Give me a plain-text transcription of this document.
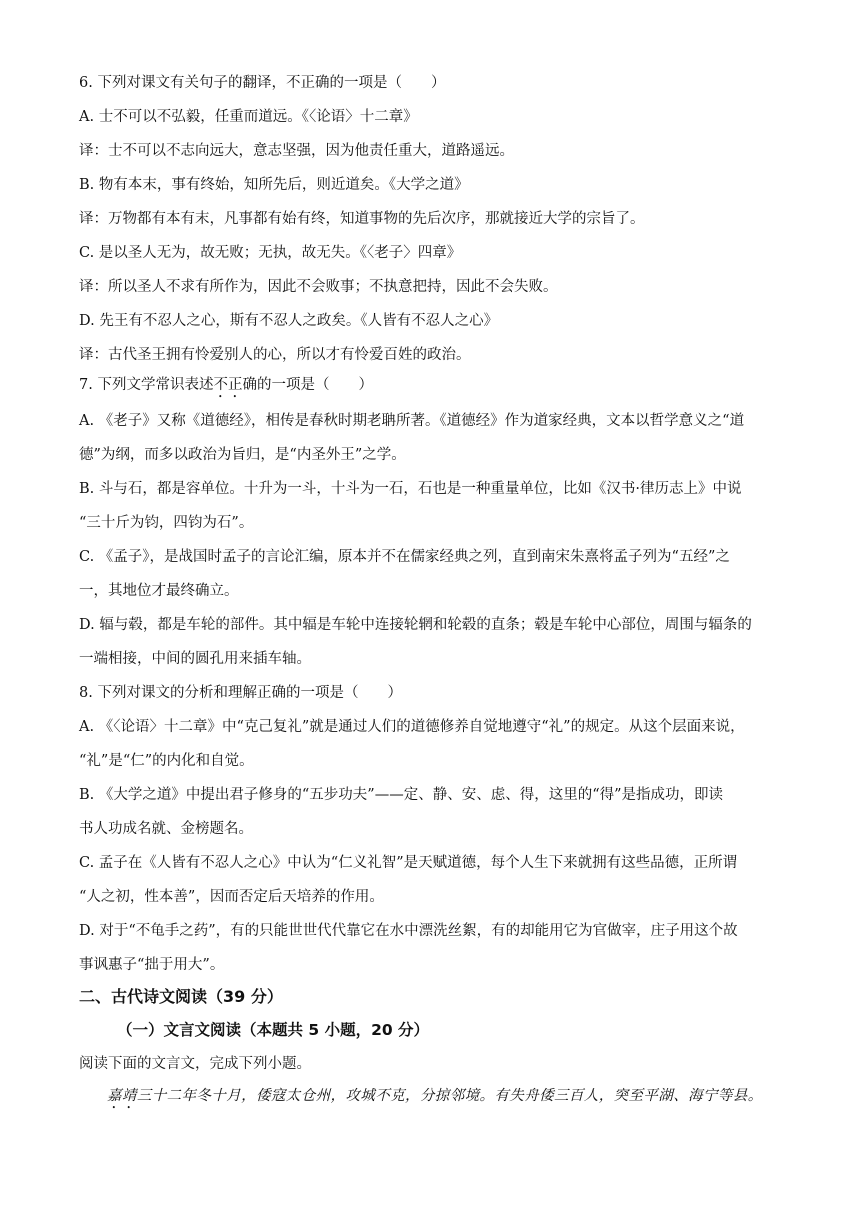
6. 下列对课文有关句子的翻译，不正确的一项是（　　）
A. 士不可以不弘毅，任重而道远。《〈论语〉十二章》
译：士不可以不志向远大，意志坚强，因为他责任重大，道路遥远。
B. 物有本末，事有终始，知所先后，则近道矣。《大学之道》
译：万物都有本有末，凡事都有始有终，知道事物的先后次序，那就接近大学的宗旨了。
C. 是以圣人无为，故无败；无执，故无失。《〈老子〉四章》
译：所以圣人不求有所作为，因此不会败事；不执意把持，因此不会失败。
D. 先王有不忍人之心，斯有不忍人之政矣。《人皆有不忍人之心》
译：古代圣王拥有怜爱别人的心，所以才有怜爱百姓的政治。
7. 下列文学常识表述不正确的一项是（　　）
A. 《老子》又称《道德经》，相传是春秋时期老聃所著。《道德经》作为道家经典，文本以哲学意义之“道
德”为纲，而多以政治为旨归，是“内圣外王”之学。
B. 斗与石，都是容单位。十升为一斗，十斗为一石，石也是一种重量单位，比如《汉书·律历志上》中说
“三十斤为钧，四钧为石”。
C. 《孟子》，是战国时孟子的言论汇编，原本并不在儒家经典之列，直到南宋朱熹将孟子列为“五经”之
一，其地位才最终确立。
D. 辐与毂，都是车轮的部件。其中辐是车轮中连接轮辋和轮毂的直条；毂是车轮中心部位，周围与辐条的
一端相接，中间的圆孔用来插车轴。
8. 下列对课文的分析和理解正确的一项是（　　）
A. 《〈论语〉十二章》中“克己复礼”就是通过人们的道德修养自觉地遵守“礼”的规定。从这个层面来说，
“礼”是“仁”的内化和自觉。
B. 《大学之道》中提出君子修身的“五步功夫”——定、静、安、虑、得，这里的“得”是指成功，即读
书人功成名就、金榜题名。
C. 孟子在《人皆有不忍人之心》中认为“仁义礼智”是天赋道德，每个人生下来就拥有这些品德，正所谓
“人之初，性本善”，因而否定后天培养的作用。
D. 对于“不龟手之药”，有的只能世世代代靠它在水中漂洗丝絮，有的却能用它为官做宰，庄子用这个故
事讽惠子“拙于用大”。
二、古代诗文阅读（39 分）
（一）文言文阅读（本题共 5 小题，20 分）
阅读下面的文言文，完成下列小题。
嘉靖三十二年冬十月，倭寇太仓州，攻城不克，分掠邻境。有失舟倭三百人，突至平湖、海宁等县。
